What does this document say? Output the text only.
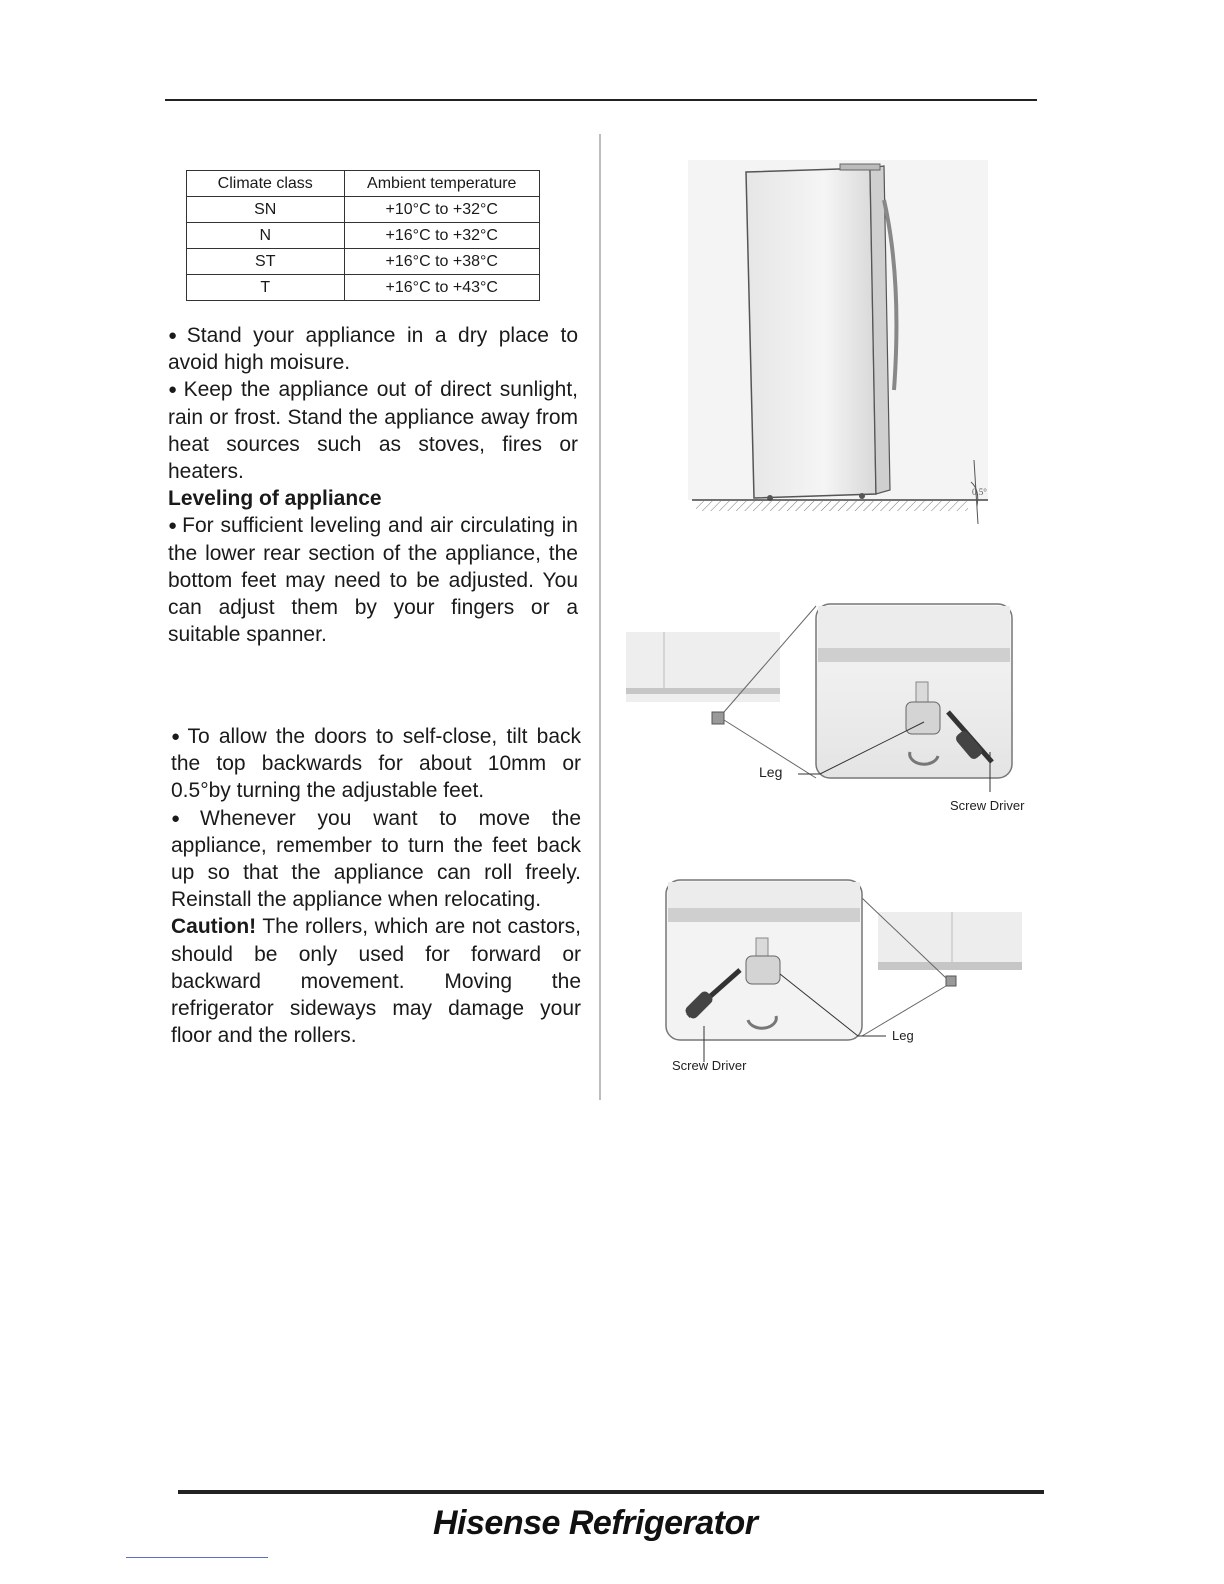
Climate class	Ambient temperature
SN	+10°C to +32°C
N	+16°C to +32°C
ST	+16°C to +38°C
T	+16°C to +43°C

● Stand your appliance in a dry place to avoid high moisure.

● Keep the appliance out of direct sunlight, rain or frost. Stand the appliance away from heat sources such as stoves, fires or heaters.

Leveling of appliance

● For sufficient leveling and air circulating in the lower rear section of the appliance, the bottom feet may need to be adjusted. You can adjust them by your fingers or a suitable spanner.

● To allow the doors to self-close, tilt back the top backwards for about 10mm or 0.5°by turning the adjustable feet.

● Whenever you want to move the appliance, remember to turn the feet back up so that the appliance can roll freely. Reinstall the appliance when relocating.

Caution! The rollers, which are not castors, should be only used for forward or backward movement. Moving the refrigerator sideways may damage your floor and the rollers.

0.5°
Leg
Screw Driver
Leg
Screw Driver
Hisense Refrigerator
